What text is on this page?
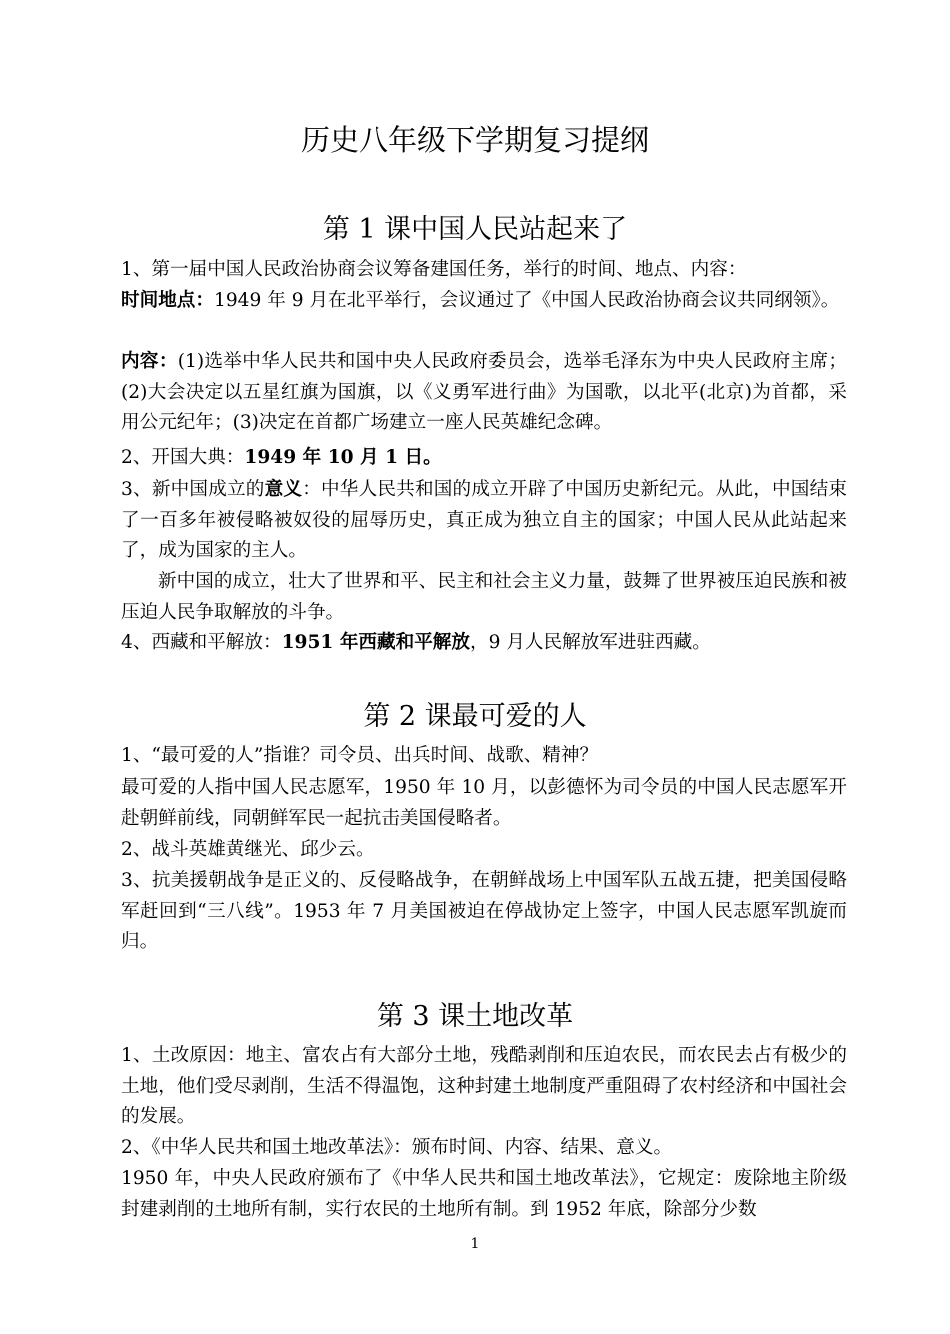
历史八年级下学期复习提纲
第 1 课中国人民站起来了
1、第一届中国人民政治协商会议筹备建国任务，举行的时间、地点、内容：
时间地点：1949 年 9 月在北平举行，会议通过了《中国人民政治协商会议共同纲领》。
内容：(1)选举中华人民共和国中央人民政府委员会，选举毛泽东为中央人民政府主席；(2)大会决定以五星红旗为国旗，以《义勇军进行曲》为国歌，以北平(北京)为首都，采用公元纪年；(3)决定在首都广场建立一座人民英雄纪念碑。
2、开国大典：1949 年 10 月 1 日。
3、新中国成立的意义：中华人民共和国的成立开辟了中国历史新纪元。从此，中国结束了一百多年被侵略被奴役的屈辱历史，真正成为独立自主的国家；中国人民从此站起来了，成为国家的主人。
新中国的成立，壮大了世界和平、民主和社会主义力量，鼓舞了世界被压迫民族和被压迫人民争取解放的斗争。
4、西藏和平解放：1951 年西藏和平解放，9 月人民解放军进驻西藏。
第 2 课最可爱的人
1、“最可爱的人”指谁？司令员、出兵时间、战歌、精神？
最可爱的人指中国人民志愿军，1950 年 10 月，以彭德怀为司令员的中国人民志愿军开赴朝鲜前线，同朝鲜军民一起抗击美国侵略者。
2、战斗英雄黄继光、邱少云。
3、抗美援朝战争是正义的、反侵略战争，在朝鲜战场上中国军队五战五捷，把美国侵略军赶回到“三八线”。1953 年 7 月美国被迫在停战协定上签字，中国人民志愿军凯旋而归。
第 3 课土地改革
1、土改原因：地主、富农占有大部分土地，残酷剥削和压迫农民，而农民去占有极少的土地，他们受尽剥削，生活不得温饱，这种封建土地制度严重阻碍了农村经济和中国社会的发展。
2、《中华人民共和国土地改革法》：颁布时间、内容、结果、意义。
1950 年，中央人民政府颁布了《中华人民共和国土地改革法》，它规定：废除地主阶级封建剥削的土地所有制，实行农民的土地所有制。到 1952 年底，除部分少数
1
